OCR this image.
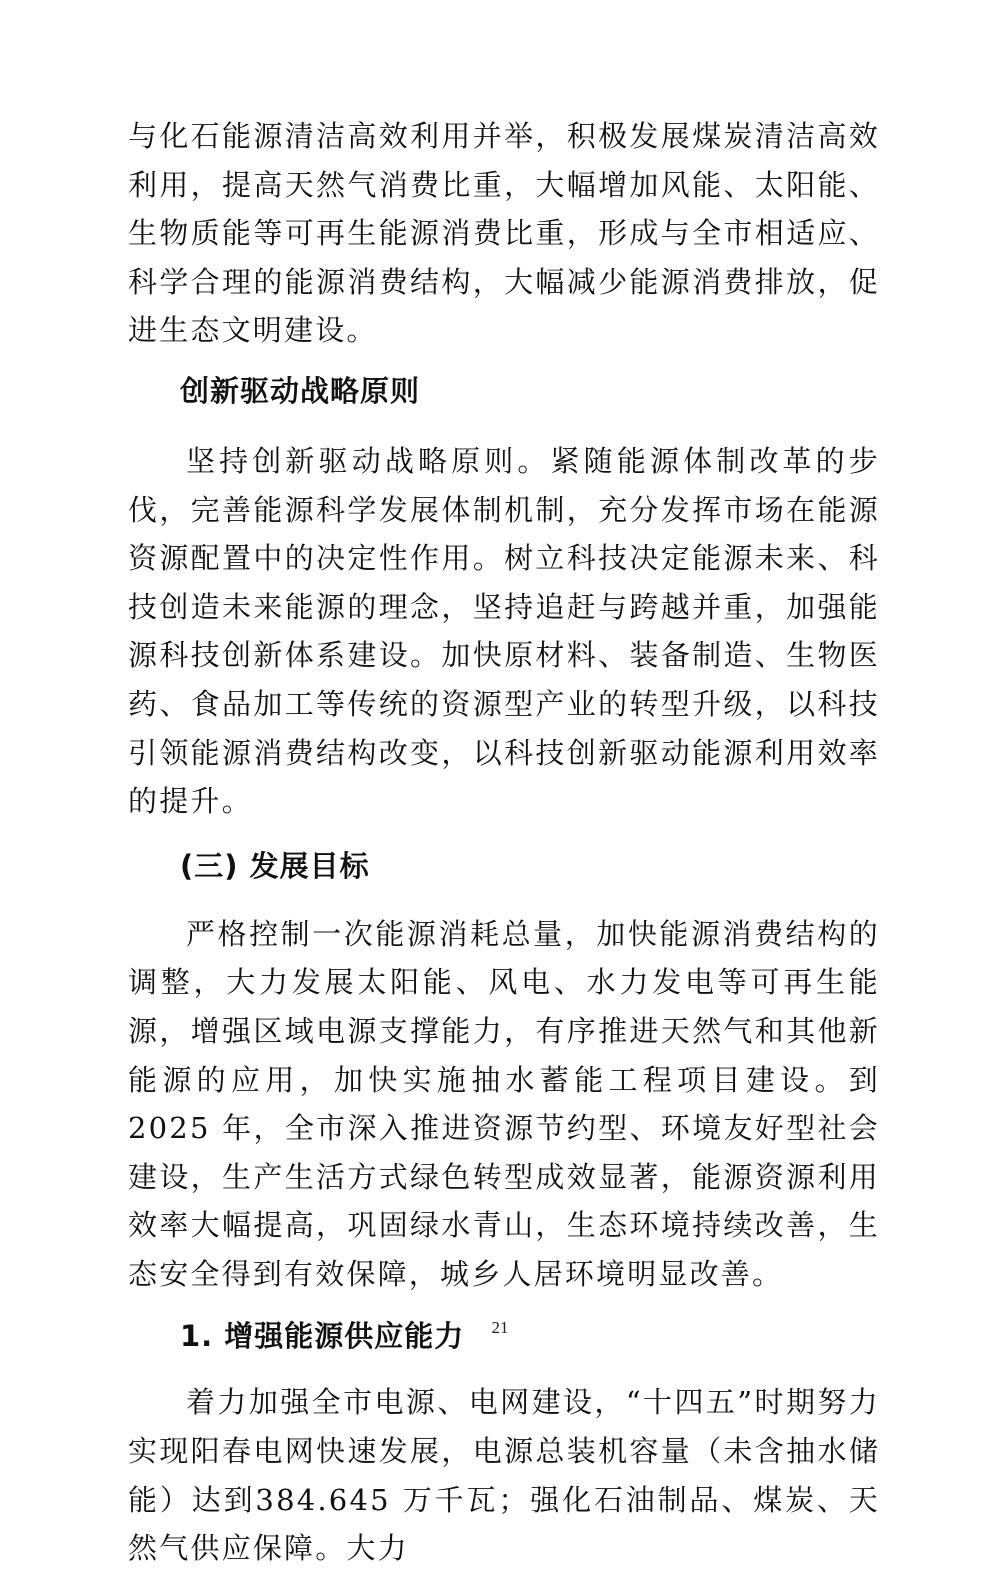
与化石能源清洁高效利用并举，积极发展煤炭清洁高效利用，提高天然气消费比重，大幅增加风能、太阳能、生物质能等可再生能源消费比重，形成与全市相适应、科学合理的能源消费结构，大幅减少能源消费排放，促进生态文明建设。

创新驱动战略原则

坚持创新驱动战略原则。紧随能源体制改革的步伐，完善能源科学发展体制机制，充分发挥市场在能源资源配置中的决定性作用。树立科技决定能源未来、科技创造未来能源的理念，坚持追赶与跨越并重，加强能源科技创新体系建设。加快原材料、装备制造、生物医药、食品加工等传统的资源型产业的转型升级，以科技引领能源消费结构改变，以科技创新驱动能源利用效率的提升。

(三) 发展目标

严格控制一次能源消耗总量，加快能源消费结构的调整，大力发展太阳能、风电、水力发电等可再生能源，增强区域电源支撑能力，有序推进天然气和其他新能源的应用，加快实施抽水蓄能工程项目建设。到 2025 年，全市深入推进资源节约型、环境友好型社会建设，生产生活方式绿色转型成效显著，能源资源利用效率大幅提高，巩固绿水青山，生态环境持续改善，生态安全得到有效保障，城乡人居环境明显改善。

1. 增强能源供应能力

着力加强全市电源、电网建设，“十四五”时期努力实现阳春电网快速发展，电源总装机容量（未含抽水储能）达到384.645 万千瓦；强化石油制品、煤炭、天然气供应保障。大力

21
